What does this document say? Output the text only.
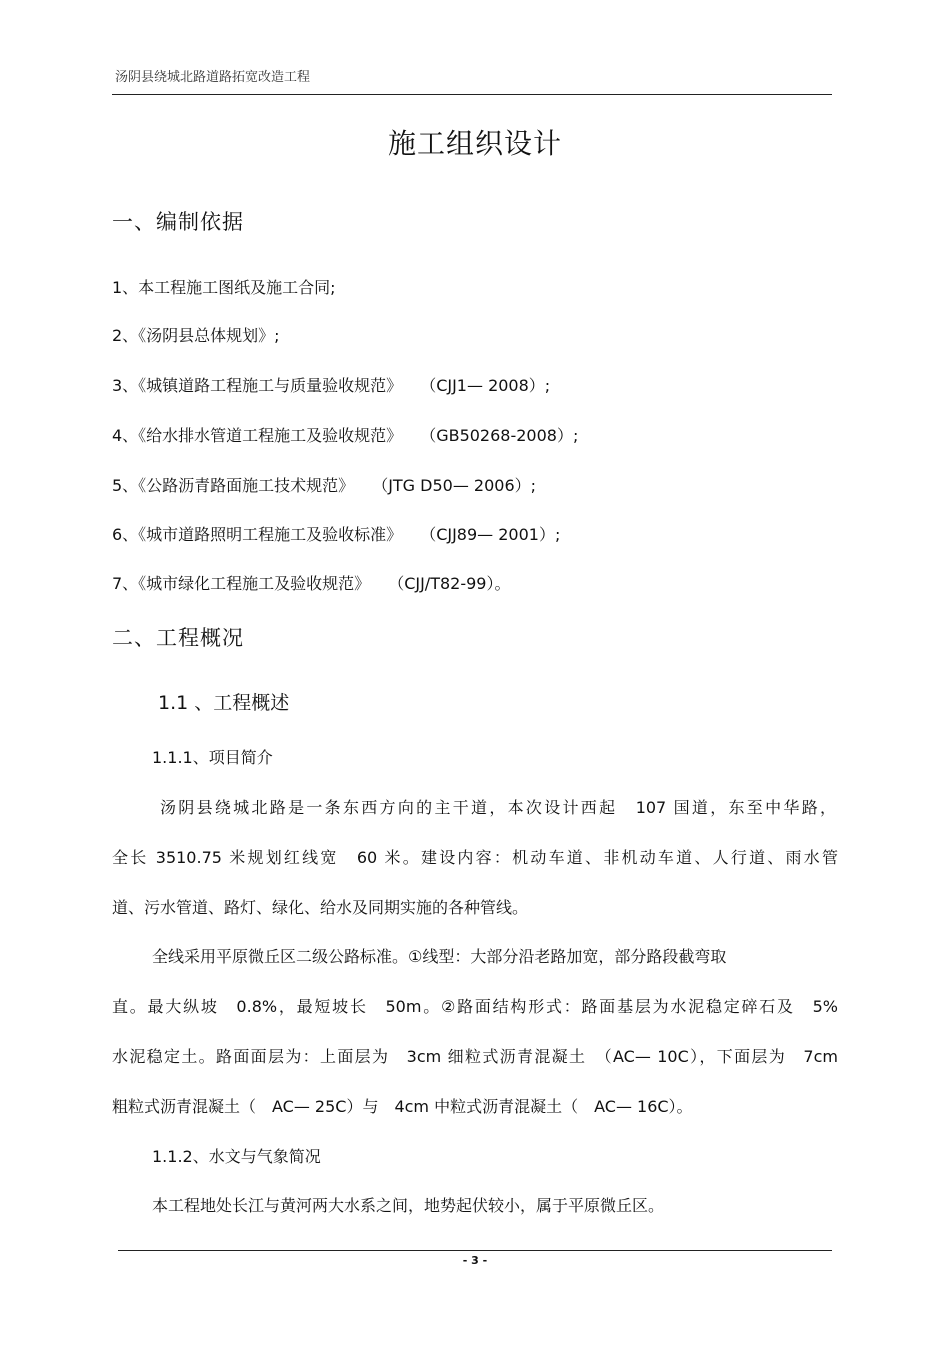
汤阴县绕城北路道路拓宽改造工程
施工组织设计
一、编制依据
1、本工程施工图纸及施工合同;
2、《汤阴县总体规划》;
3、《城镇道路工程施工与质量验收规范》 （CJJ1— 2008）;
4、《给水排水管道工程施工及验收规范》 （GB50268-2008）;
5、《公路沥青路面施工技术规范》 （JTG D50— 2006）;
6、《城市道路照明工程施工及验收标准》 （CJJ89— 2001）;
7、《城市绿化工程施工及验收规范》 （CJJ/T82-99）。
二、工程概况
1.1 、工程概述
1.1.1、项目简介
汤阴县绕城北路是一条东西方向的主干道，本次设计西起　107 国道，东至中华路，
全长 3510.75 米规划红线宽　60 米。建设内容：机动车道、非机动车道、人行道、雨水管
道、污水管道、路灯、绿化、给水及同期实施的各种管线。
全线采用平原微丘区二级公路标准。①线型：大部分沿老路加宽，部分路段截弯取
直。最大纵坡　0.8%，最短坡长　50m。②路面结构形式：路面基层为水泥稳定碎石及　5%
水泥稳定土。路面面层为：上面层为　3cm 细粒式沥青混凝土　（AC— 10C），下面层为　7cm
粗粒式沥青混凝土（　AC— 25C）与　4cm 中粒式沥青混凝土（　AC— 16C）。
1.1.2、水文与气象简况
本工程地处长江与黄河两大水系之间，地势起伏较小，属于平原微丘区。
- 3 -
